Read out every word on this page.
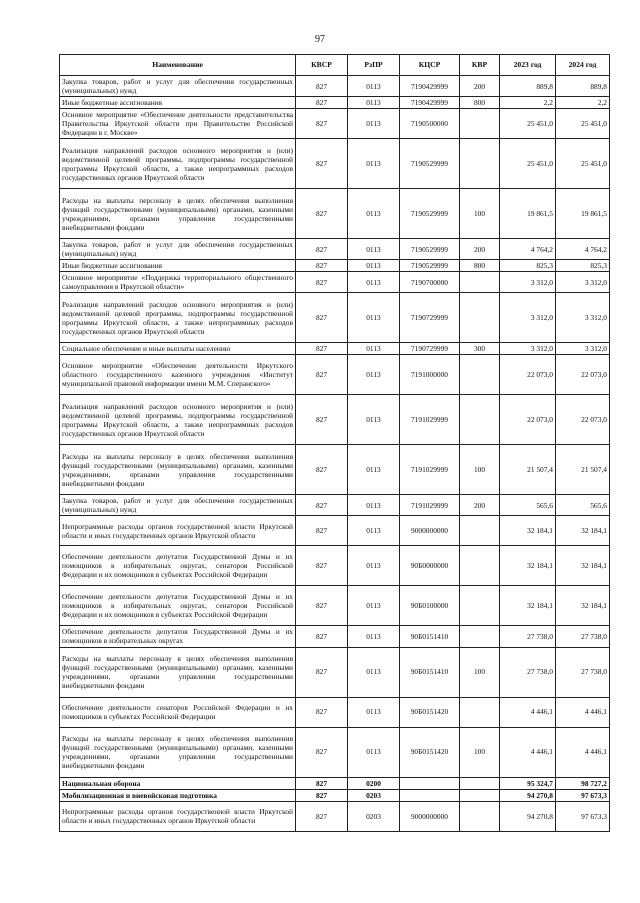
97
Наименование	КВСР	РзПР	КЦСР	КВР	2023 год	2024 год
Закупка товаров, работ и услуг для обеспечения государственных (муниципальных) нужд	827	0113	7190429999	200	889,8	889,8
Иные бюджетные ассигнования	827	0113	7190429999	800	2,2	2,2
Основное мероприятие «Обеспечение деятельности представительства Правительства Иркутской области при Правительстве Российской Федерации в г. Москве»	827	0113	7190500000		25 451,0	25 451,0
Реализация направлений расходов основного мероприятия и (или) ведомственной целевой программы, подпрограммы государственной программы Иркутской области, а также непрограммных расходов государственных органов Иркутской области	827	0113	7190529999		25 451,0	25 451,0
Расходы на выплаты персоналу в целях обеспечения выполнения функций государственными (муниципальными) органами, казенными учреждениями, органами управления государственными внебюджетными фондами	827	0113	7190529999	100	19 861,5	19 861,5
Закупка товаров, работ и услуг для обеспечения государственных (муниципальных) нужд	827	0113	7190529999	200	4 764,2	4 764,2
Иные бюджетные ассигнования	827	0113	7190529999	800	825,3	825,3
Основное мероприятие «Поддержка территориального общественного самоуправления в Иркутской области»	827	0113	7190700000		3 312,0	3 312,0
Реализация направлений расходов основного мероприятия и (или) ведомственной целевой программы, подпрограммы государственной программы Иркутской области, а также непрограммных расходов государственных органов Иркутской области	827	0113	7190729999		3 312,0	3 312,0
Социальное обеспечение и иные выплаты населению	827	0113	7190729999	300	3 312,0	3 312,0
Основное мероприятие «Обеспечение деятельности Иркутского областного государственного казенного учреждения «Институт муниципальной правовой информации имени М.М. Сперанского»	827	0113	7191000000		22 073,0	22 073,0
Реализация направлений расходов основного мероприятия и (или) ведомственной целевой программы, подпрограммы государственной программы Иркутской области, а также непрограммных расходов государственных органов Иркутской области	827	0113	7191029999		22 073,0	22 073,0
Расходы на выплаты персоналу в целях обеспечения выполнения функций государственными (муниципальными) органами, казенными учреждениями, органами управления государственными внебюджетными фондами	827	0113	7191029999	100	21 507,4	21 507,4
Закупка товаров, работ и услуг для обеспечения государственных (муниципальных) нужд	827	0113	7191029999	200	565,6	565,6
Непрограммные расходы органов государственной власти Иркутской области и иных государственных органов Иркутской области	827	0113	9000000000		32 184,1	32 184,1
Обеспечение деятельности депутатов Государственной Думы и их помощников в избирательных округах, сенаторов Российской Федерации и их помощников в субъектах Российской Федерации	827	0113	90Б0000000		32 184,1	32 184,1
Обеспечение деятельности депутатов Государственной Думы и их помощников в избирательных округах, сенаторов Российской Федерации и их помощников в субъектах Российской Федерации	827	0113	90Б0100000		32 184,1	32 184,1
Обеспечение деятельности депутатов Государственной Думы и их помощников в избирательных округах	827	0113	90Б0151410		27 738,0	27 738,0
Расходы на выплаты персоналу в целях обеспечения выполнения функций государственными (муниципальными) органами, казенными учреждениями, органами управления государственными внебюджетными фондами	827	0113	90Б0151410	100	27 738,0	27 738,0
Обеспечение деятельности сенаторов Российской Федерации и их помощников в субъектах Российской Федерации	827	0113	90Б0151420		4 446,1	4 446,1
Расходы на выплаты персоналу в целях обеспечения выполнения функций государственными (муниципальными) органами, казенными учреждениями, органами управления государственными внебюджетными фондами	827	0113	90Б0151420	100	4 446,1	4 446,1
Национальная оборона	827	0200			95 324,7	98 727,2
Мобилизационная и вневойсковая подготовка	827	0203			94 270,8	97 673,3
Непрограммные расходы органов государственной власти Иркутской области и иных государственных органов Иркутской области	827	0203	9000000000		94 270,8	97 673,3
